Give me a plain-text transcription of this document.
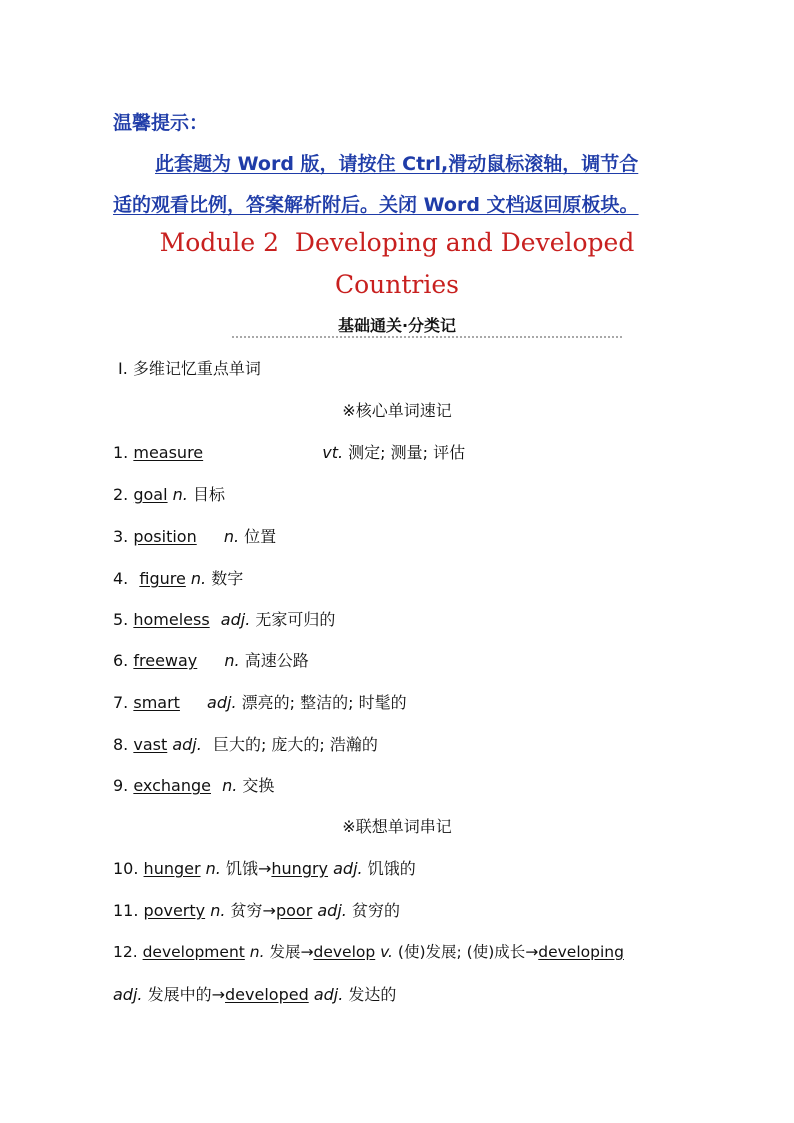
温馨提示：
此套题为 Word 版，请按住 Ctrl,滑动鼠标滚轴，调节合
适的观看比例，答案解析附后。关闭 Word 文档返回原板块。
Module 2  Developing and Developed
Countries
基础通关·分类记
Ⅰ. 多维记忆重点单词
※核心单词速记
1. measure	vt. 测定; 测量; 评估
2. goal n. 目标
3. position n. 位置
4. figure n. 数字
5. homeless adj. 无家可归的
6. freeway n. 高速公路
7. smart adj. 漂亮的; 整洁的; 时髦的
8. vast adj. 巨大的; 庞大的; 浩瀚的
9. exchange n. 交换
※联想单词串记
10. hunger n. 饥饿→hungry adj. 饥饿的
11. poverty n. 贫穷→poor adj. 贫穷的
12. development n. 发展→develop v. (使)发展; (使)成长→developing
adj. 发展中的→developed adj. 发达的
